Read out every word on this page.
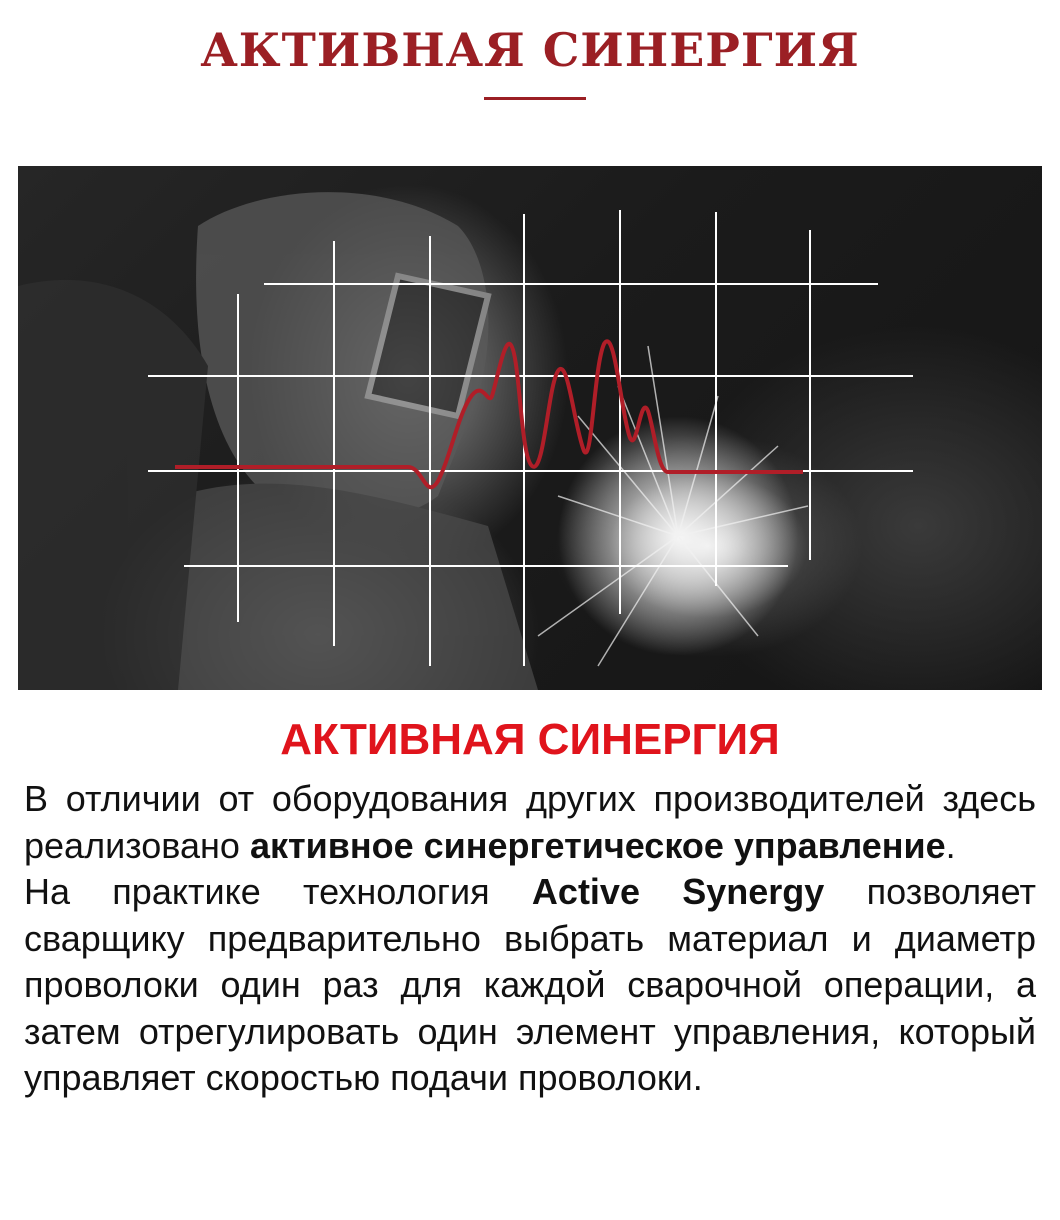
АКТИВНАЯ СИНЕРГИЯ
АКТИВНАЯ СИНЕРГИЯ
В отличии от оборудования других производителей здесь реализовано активное синергетическое управление.
На практике технология Active Synergy позволяет сварщику предварительно выбрать материал и диаметр проволоки один раз для каждой сварочной операции, а затем отрегулировать один элемент управления, который управляет скоростью подачи проволоки.
